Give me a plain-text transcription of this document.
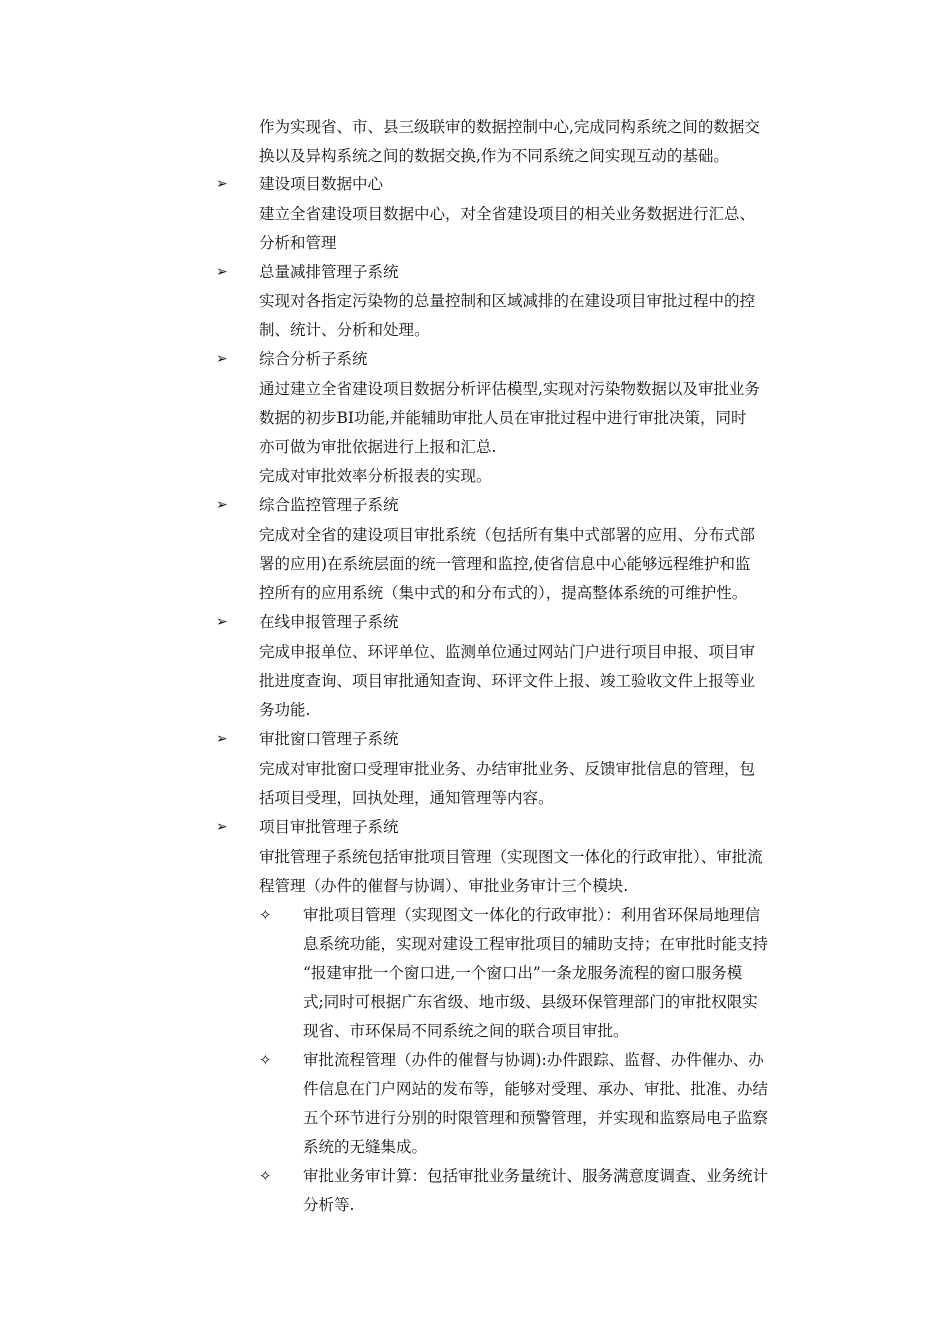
作为实现省、市、县三级联审的数据控制中心,完成同构系统之间的数据交
换以及异构系统之间的数据交换,作为不同系统之间实现互动的基础。
➢ 建设项目数据中心
建立全省建设项目数据中心，对全省建设项目的相关业务数据进行汇总、
分析和管理
➢ 总量减排管理子系统
实现对各指定污染物的总量控制和区域减排的在建设项目审批过程中的控
制、统计、分析和处理。
➢ 综合分析子系统
通过建立全省建设项目数据分析评估模型,实现对污染物数据以及审批业务
数据的初步BI功能,并能辅助审批人员在审批过程中进行审批决策，同时
亦可做为审批依据进行上报和汇总.
完成对审批效率分析报表的实现。
➢ 综合监控管理子系统
完成对全省的建设项目审批系统（包括所有集中式部署的应用、分布式部
署的应用)在系统层面的统一管理和监控,使省信息中心能够远程维护和监
控所有的应用系统（集中式的和分布式的），提高整体系统的可维护性。
➢ 在线申报管理子系统
完成申报单位、环评单位、监测单位通过网站门户进行项目申报、项目审
批进度查询、项目审批通知查询、环评文件上报、竣工验收文件上报等业
务功能.
➢ 审批窗口管理子系统
完成对审批窗口受理审批业务、办结审批业务、反馈审批信息的管理，包
括项目受理，回执处理，通知管理等内容。
➢ 项目审批管理子系统
审批管理子系统包括审批项目管理（实现图文一体化的行政审批）、审批流
程管理（办件的催督与协调）、审批业务审计三个模块.
✧ 审批项目管理（实现图文一体化的行政审批）：利用省环保局地理信
息系统功能，实现对建设工程审批项目的辅助支持；在审批时能支持
“报建审批一个窗口进,一个窗口出”一条龙服务流程的窗口服务模
式;同时可根据广东省级、地市级、县级环保管理部门的审批权限实
现省、市环保局不同系统之间的联合项目审批。
✧ 审批流程管理（办件的催督与协调):办件跟踪、监督、办件催办、办
件信息在门户网站的发布等，能够对受理、承办、审批、批准、办结
五个环节进行分别的时限管理和预警管理，并实现和监察局电子监察
系统的无缝集成。
✧ 审批业务审计算：包括审批业务量统计、服务满意度调查、业务统计
分析等.
